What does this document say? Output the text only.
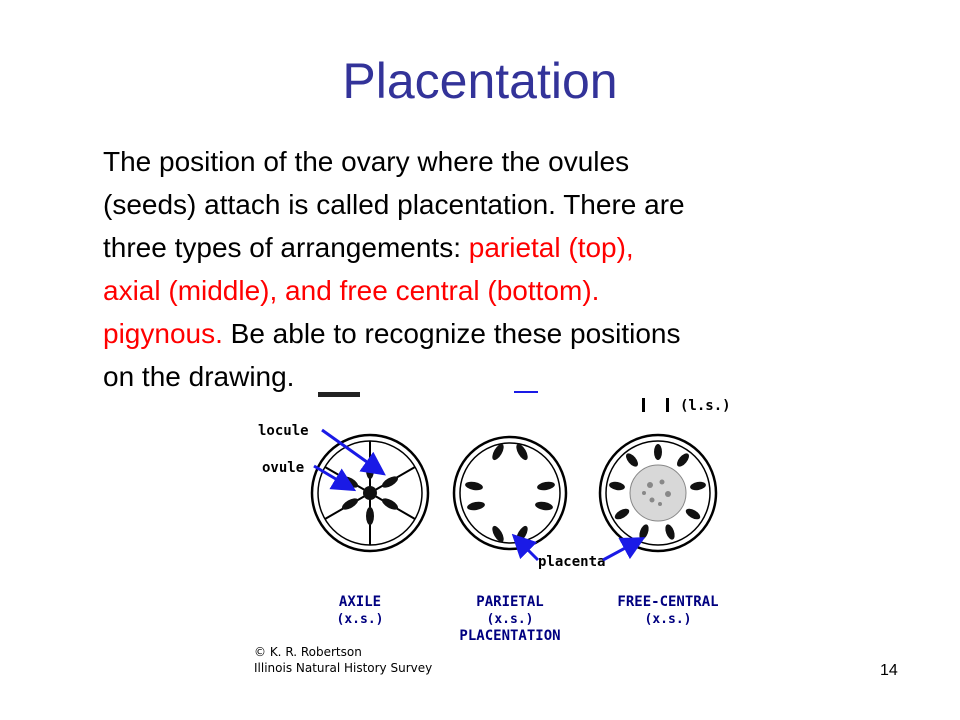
Placentation
The position of the ovary where the ovules
(seeds) attach is called placentation. There are
three types of arrangements: parietal (top),
axial (middle), and free central (bottom).
pigynous. Be able to recognize these positions
on the drawing.
locule
ovule
(l.s.)
placenta
AXILE
(x.s.)
PARIETAL
(x.s.)
PLACENTATION
FREE-CENTRAL
(x.s.)
© K. R. Robertson
Illinois Natural History Survey	14
